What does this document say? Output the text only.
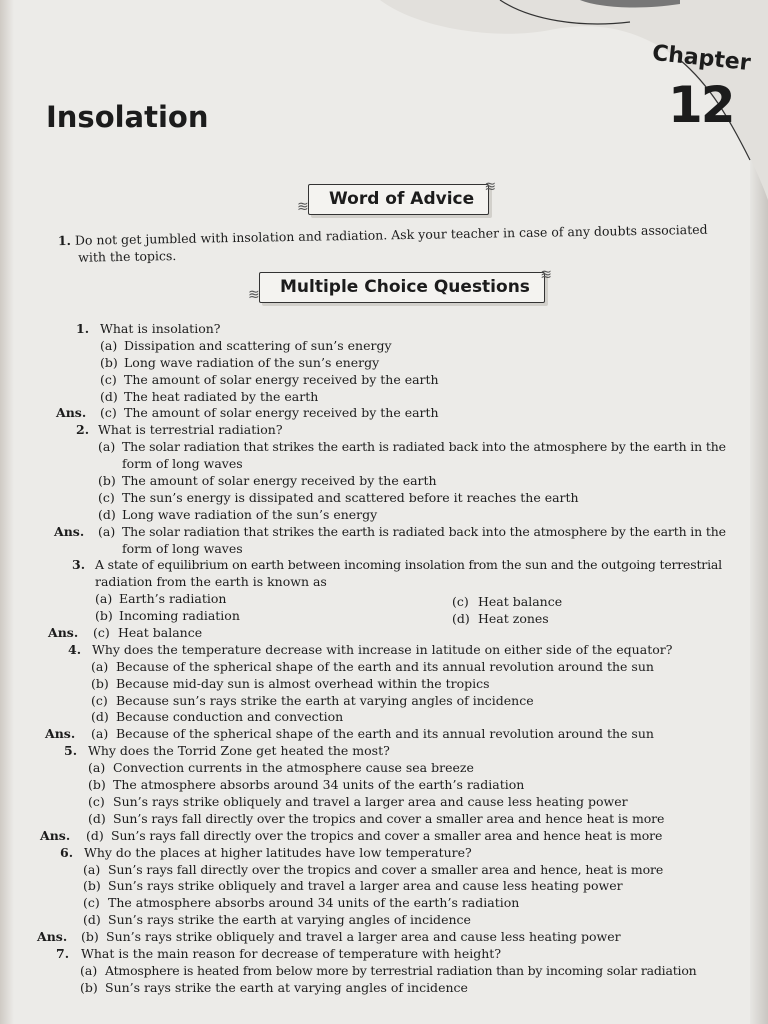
Chapter
12
Insolation
≋ Word of Advice
≋
1. Do not get jumbled with insolation and radiation. Ask your teacher in case of any doubts associated
with the topics.
≋ Multiple Choice Questions
≋
1. What is insolation?
(a) Dissipation and scattering of sun’s energy
(b) Long wave radiation of the sun’s energy
(c) The amount of solar energy received by the earth
(d) The heat radiated by the earth
Ans. (c) The amount of solar energy received by the earth
2. What is terrestrial radiation?
(a) The solar radiation that strikes the earth is radiated back into the atmosphere by the earth in the
form of long waves
(b) The amount of solar energy received by the earth
(c) The sun’s energy is dissipated and scattered before it reaches the earth
(d) Long wave radiation of the sun’s energy
Ans. (a) The solar radiation that strikes the earth is radiated back into the atmosphere by the earth in the
form of long waves
3. A state of equilibrium on earth between incoming insolation from the sun and the outgoing terrestrial
radiation from the earth is known as
(a) Earth’s radiation	(c) Heat balance
(b) Incoming radiation	(d) Heat zones
Ans. (c) Heat balance
4. Why does the temperature decrease with increase in latitude on either side of the equator?
(a) Because of the spherical shape of the earth and its annual revolution around the sun
(b) Because mid-day sun is almost overhead within the tropics
(c) Because sun’s rays strike the earth at varying angles of incidence
(d) Because conduction and convection
Ans. (a) Because of the spherical shape of the earth and its annual revolution around the sun
5. Why does the Torrid Zone get heated the most?
(a) Convection currents in the atmosphere cause sea breeze
(b) The atmosphere absorbs around 34 units of the earth’s radiation
(c) Sun’s rays strike obliquely and travel a larger area and cause less heating power
(d) Sun’s rays fall directly over the tropics and cover a smaller area and hence heat is more
Ans. (d) Sun’s rays fall directly over the tropics and cover a smaller area and hence heat is more
6. Why do the places at higher latitudes have low temperature?
(a) Sun’s rays fall directly over the tropics and cover a smaller area and hence, heat is more
(b) Sun’s rays strike obliquely and travel a larger area and cause less heating power
(c) The atmosphere absorbs around 34 units of the earth’s radiation
(d) Sun’s rays strike the earth at varying angles of incidence
Ans. (b) Sun’s rays strike obliquely and travel a larger area and cause less heating power
7. What is the main reason for decrease of temperature with height?
(a) Atmosphere is heated from below more by terrestrial radiation than by incoming solar radiation
(b) Sun’s rays strike the earth at varying angles of incidence
